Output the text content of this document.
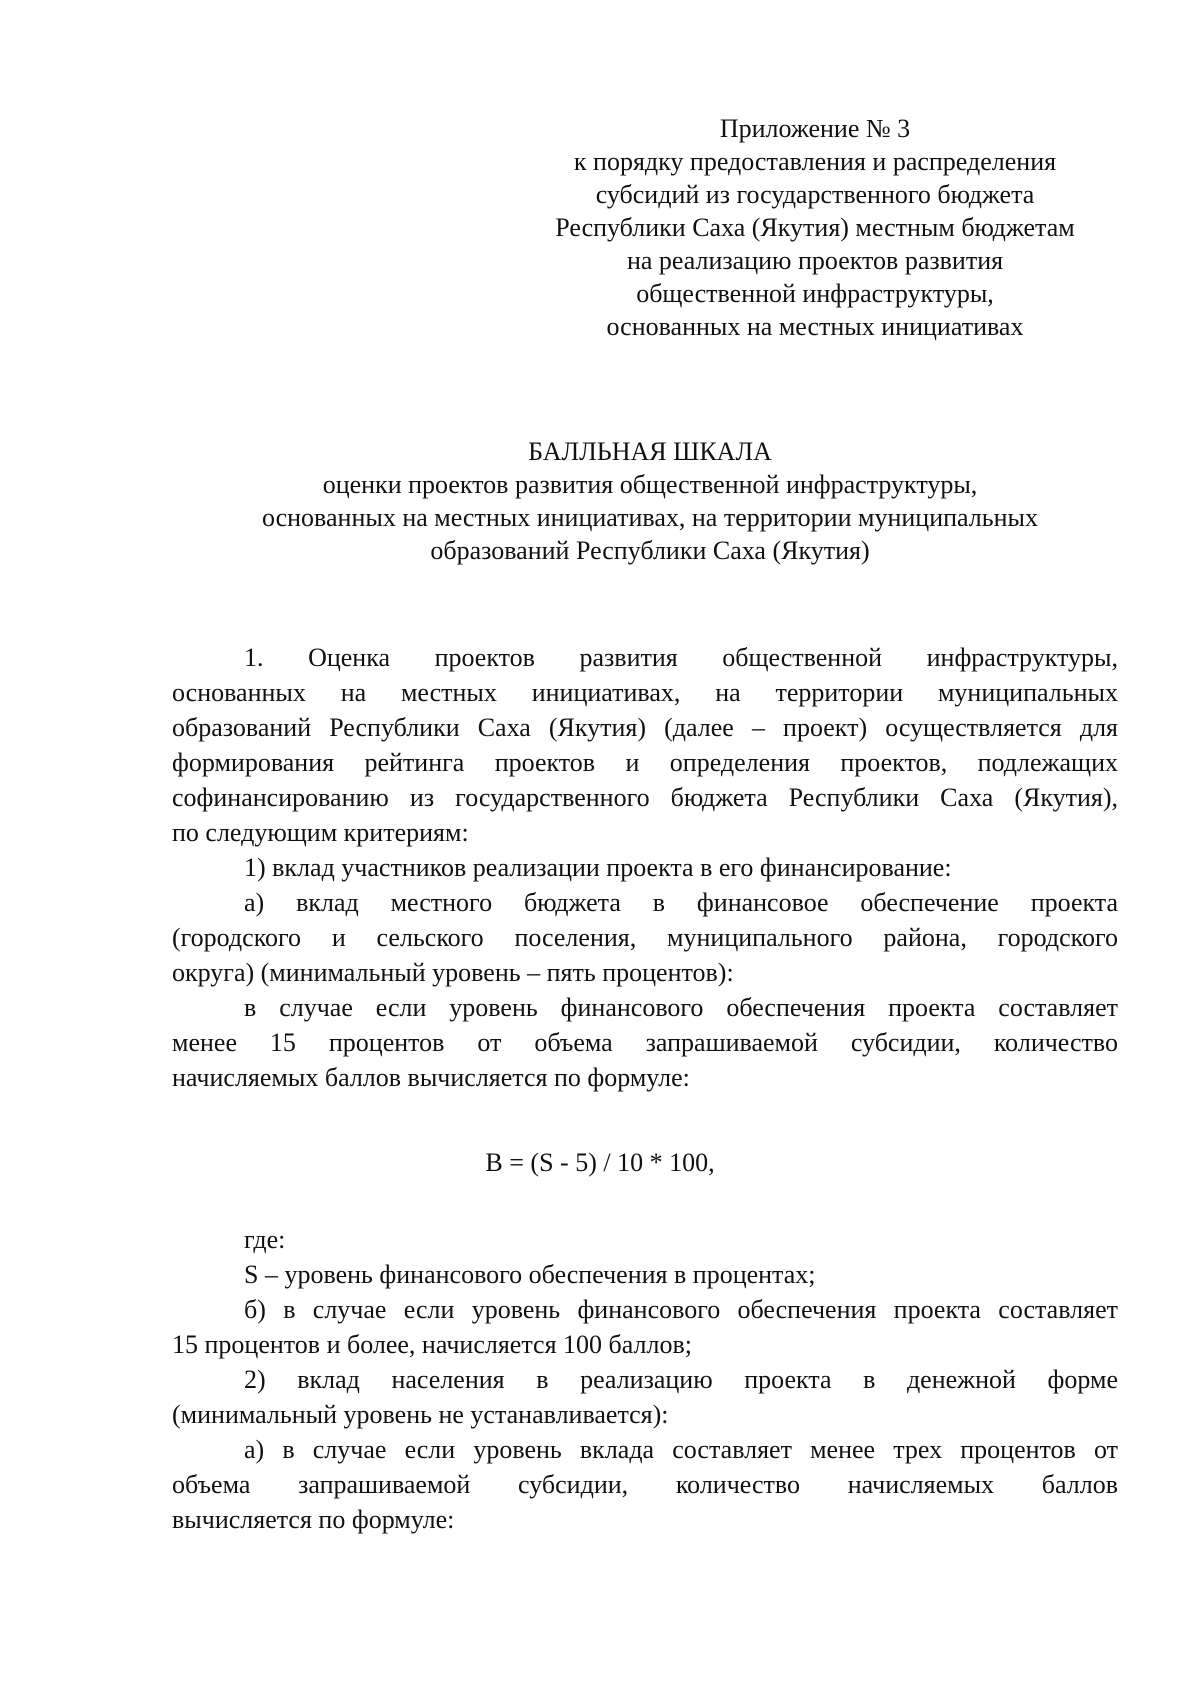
Приложение № 3
к порядку предоставления и распределения
субсидий из государственного бюджета
Республики Саха (Якутия) местным бюджетам
на реализацию проектов развития
общественной инфраструктуры,
основанных на местных инициативах
БАЛЛЬНАЯ ШКАЛА
оценки проектов развития общественной инфраструктуры,
основанных на местных инициативах, на территории муниципальных
образований Республики Саха (Якутия)

1. Оценка проектов развития общественной инфраструктуры,
основанных на местных инициативах, на территории муниципальных
образований Республики Саха (Якутия) (далее – проект) осуществляется для
формирования рейтинга проектов и определения проектов, подлежащих
софинансированию из государственного бюджета Республики Саха (Якутия),
по следующим критериям:

1) вклад участников реализации проекта в его финансирование:

а) вклад местного бюджета в финансовое обеспечение проекта
(городского и сельского поселения, муниципального района, городского
округа) (минимальный уровень – пять процентов):

в случае если уровень финансового обеспечения проекта составляет
менее 15 процентов от объема запрашиваемой субсидии, количество
начисляемых баллов вычисляется по формуле:

B = (S - 5) / 10 * 100,

где:

S – уровень финансового обеспечения в процентах;

б) в случае если уровень финансового обеспечения проекта составляет
15 процентов и более, начисляется 100 баллов;

2) вклад населения в реализацию проекта в денежной форме
(минимальный уровень не устанавливается):

а) в случае если уровень вклада составляет менее трех процентов от
объема запрашиваемой субсидии, количество начисляемых баллов
вычисляется по формуле:
